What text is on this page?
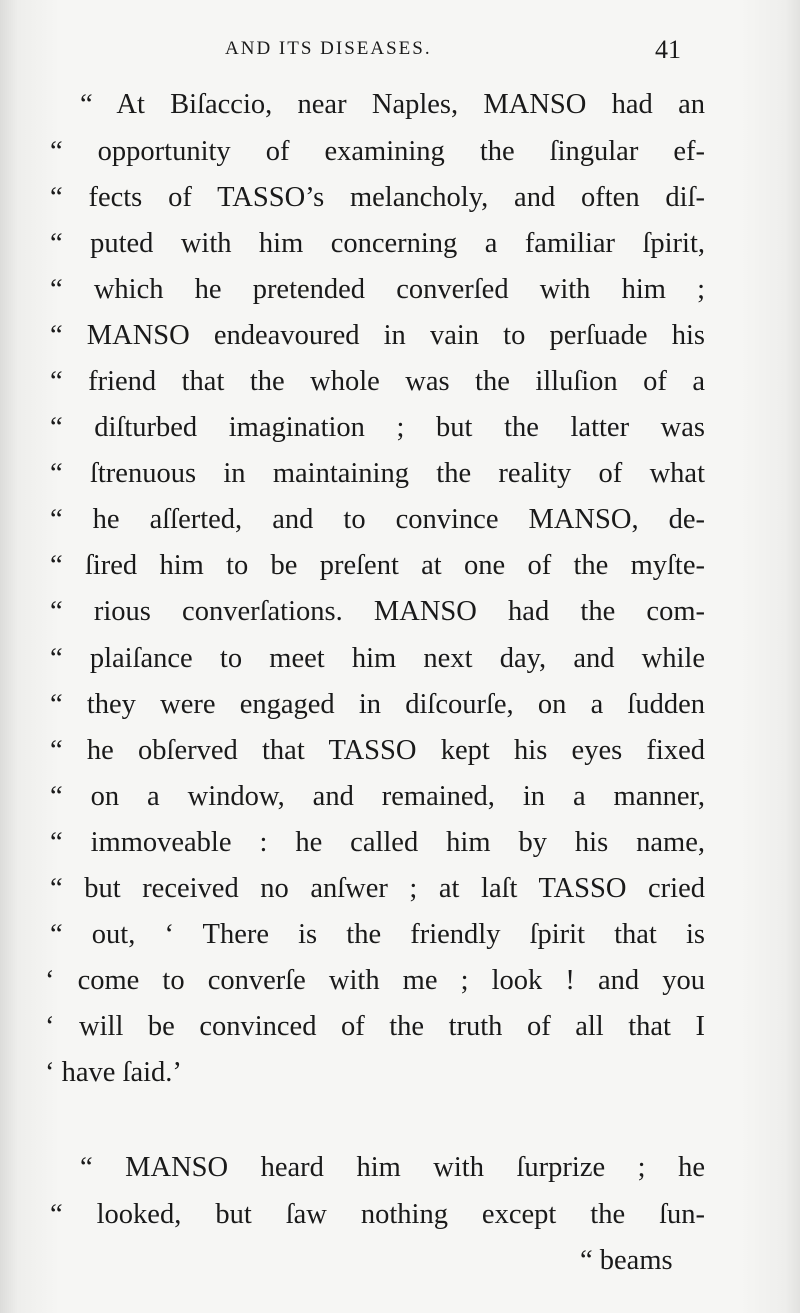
AND ITS DISEASES.	41
“ At Biſaccio, near Naples, MANSO had an
“ opportunity of examining the ſingular ef-
“ fects of TASSO’s melancholy, and often diſ-
“ puted with him concerning a familiar ſpirit,
“ which he pretended converſed with him ;
“ MANSO endeavoured in vain to perſuade his
“ friend that the whole was the illuſion of a
“ diſturbed imagination ; but the latter was
“ ſtrenuous in maintaining the reality of what
“ he aſſerted, and to convince MANSO, de-
“ ſired him to be preſent at one of the myſte-
“ rious converſations. MANSO had the com-
“ plaiſance to meet him next day, and while
“ they were engaged in diſcourſe, on a ſudden
“ he obſerved that TASSO kept his eyes fixed
“ on a window, and remained, in a manner,
“ immoveable : he called him by his name,
“ but received no anſwer ; at laſt TASSO cried
“ out, ‘ There is the friendly ſpirit that is
‘ come to converſe with me ; look ! and you
‘ will be convinced of the truth of all that I
‘ have ſaid.’
“ MANSO heard him with ſurprize ; he
“ looked, but ſaw nothing except the ſun-
“ beams
